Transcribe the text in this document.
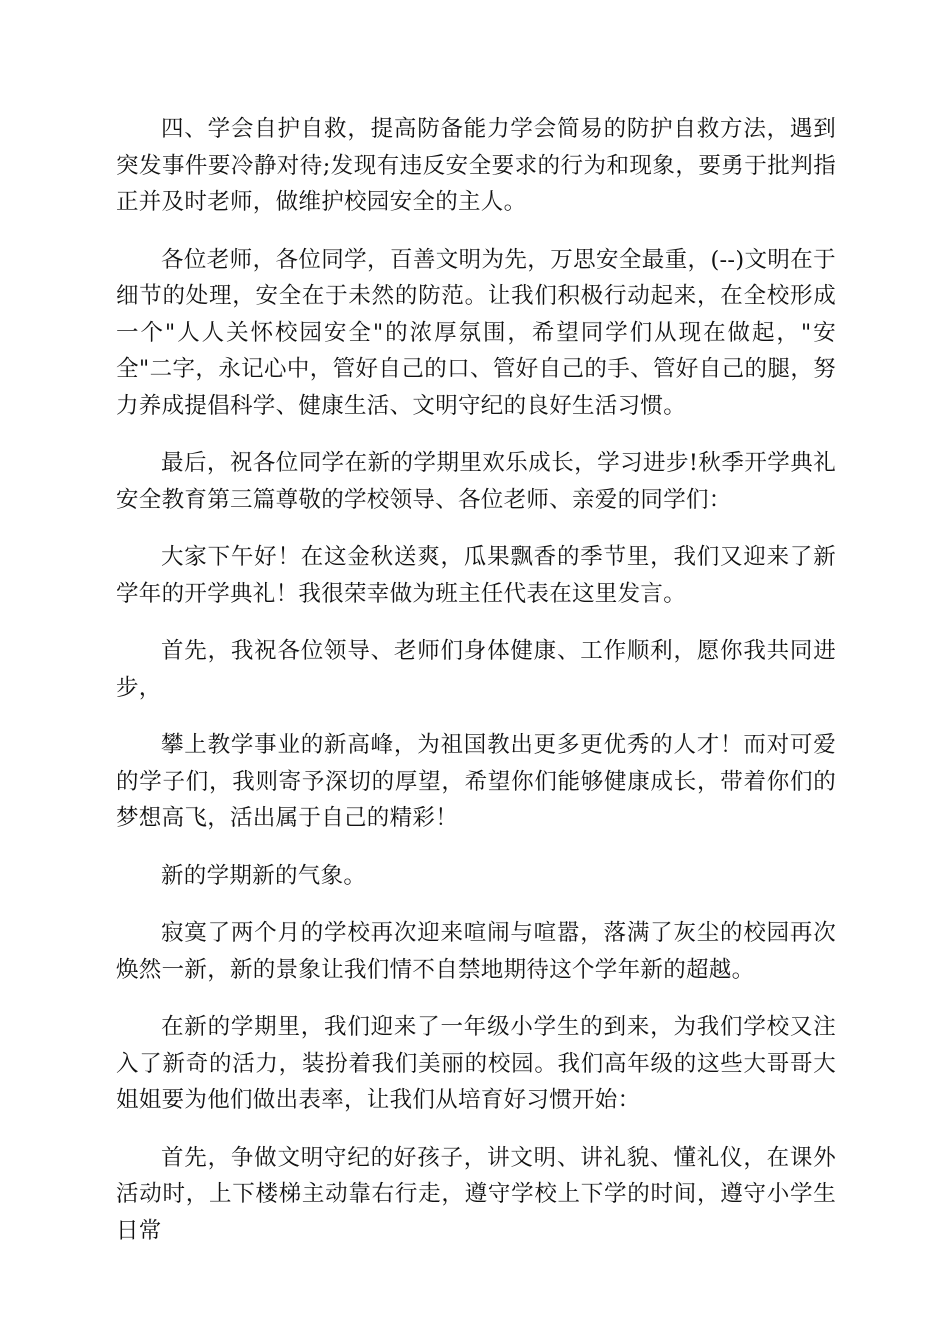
四、学会自护自救，提高防备能力学会简易的防护自救方法，遇到突发事件要冷静对待;发现有违反安全要求的行为和现象，要勇于批判指正并及时老师，做维护校园安全的主人。

各位老师，各位同学，百善文明为先，万思安全最重，(--)文明在于细节的处理，安全在于未然的防范。让我们积极行动起来，在全校形成一个"人人关怀校园安全"的浓厚氛围，希望同学们从现在做起，"安全"二字，永记心中，管好自己的口、管好自己的手、管好自己的腿，努力养成提倡科学、健康生活、文明守纪的良好生活习惯。

最后，祝各位同学在新的学期里欢乐成长，学习进步!秋季开学典礼安全教育第三篇尊敬的学校领导、各位老师、亲爱的同学们：

大家下午好！在这金秋送爽，瓜果飘香的季节里，我们又迎来了新学年的开学典礼！我很荣幸做为班主任代表在这里发言。

首先，我祝各位领导、老师们身体健康、工作顺利，愿你我共同进步，

攀上教学事业的新高峰，为祖国教出更多更优秀的人才！而对可爱的学子们，我则寄予深切的厚望，希望你们能够健康成长，带着你们的梦想高飞，活出属于自己的精彩！

新的学期新的气象。

寂寞了两个月的学校再次迎来喧闹与喧嚣，落满了灰尘的校园再次焕然一新，新的景象让我们情不自禁地期待这个学年新的超越。

在新的学期里，我们迎来了一年级小学生的到来，为我们学校又注入了新奇的活力，装扮着我们美丽的校园。我们高年级的这些大哥哥大姐姐要为他们做出表率，让我们从培育好习惯开始：

首先，争做文明守纪的好孩子，讲文明、讲礼貌、懂礼仪，在课外活动时，上下楼梯主动靠右行走，遵守学校上下学的时间，遵守小学生日常
